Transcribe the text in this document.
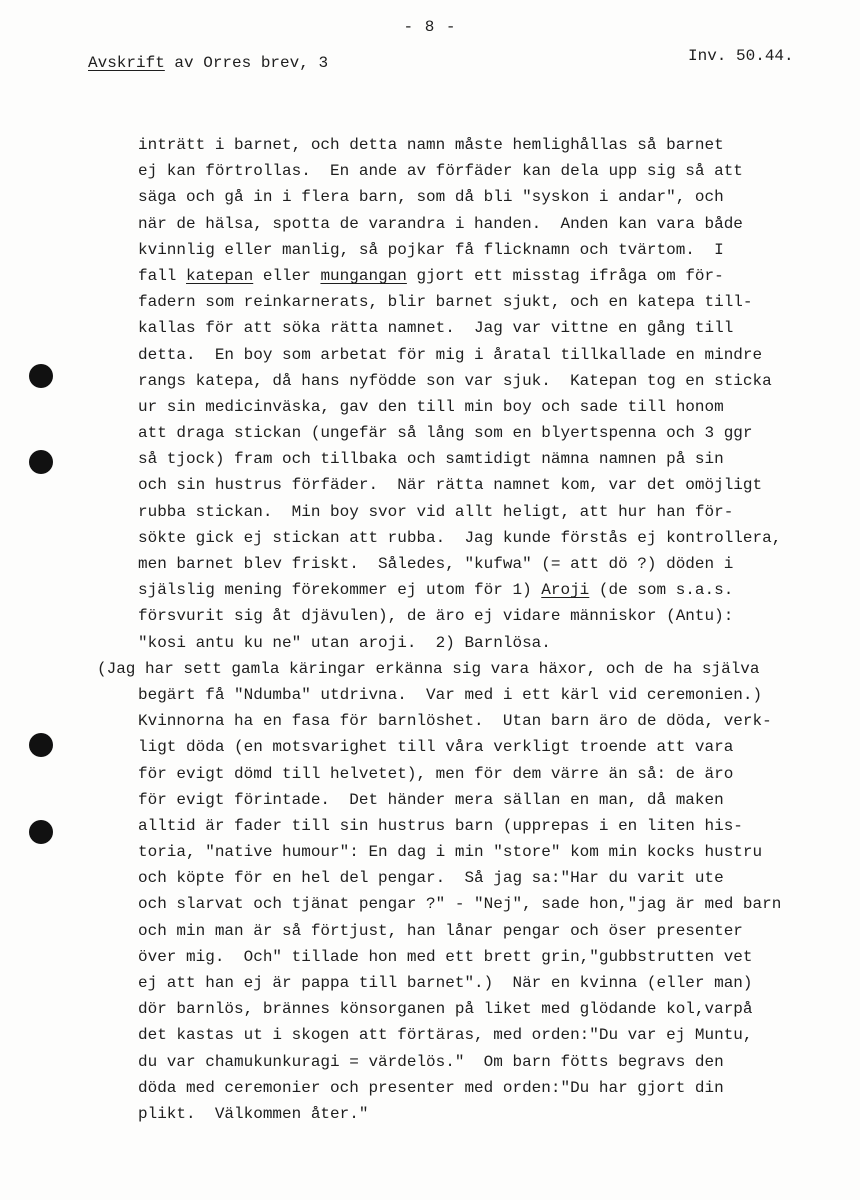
- 8 -
Avskrift av Orres brev, 3	Inv. 50.44.
inträtt i barnet, och detta namn måste hemlighållas så barnet
ej kan förtrollas.  En ande av förfäder kan dela upp sig så att
säga och gå in i flera barn, som då bli "syskon i andar", och
när de hälsa, spotta de varandra i handen.  Anden kan vara både
kvinnlig eller manlig, så pojkar få flicknamn och tvärtom.  I
fall katepan eller mungangan gjort ett misstag ifråga om för-
fadern som reinkarnerats, blir barnet sjukt, och en katepa till-
kallas för att söka rätta namnet.  Jag var vittne en gång till
detta.  En boy som arbetat för mig i åratal tillkallade en mindre
rangs katepa, då hans nyfödde son var sjuk.  Katepan tog en sticka
ur sin medicinväska, gav den till min boy och sade till honom
att draga stickan (ungefär så lång som en blyertspenna och 3 ggr
så tjock) fram och tillbaka och samtidigt nämna namnen på sin
och sin hustrus förfäder.  När rätta namnet kom, var det omöjligt
rubba stickan.  Min boy svor vid allt heligt, att hur han för-
sökte gick ej stickan att rubba.  Jag kunde förstås ej kontrollera,
men barnet blev friskt.  Således, "kufwa" (= att dö ?) döden i
själslig mening förekommer ej utom för 1) Aroji (de som s.a.s.
försvurit sig åt djävulen), de äro ej vidare människor (Antu):
"kosi antu ku ne" utan aroji.  2) Barnlösa.
(Jag har sett gamla käringar erkänna sig vara häxor, och de ha själva
begärt få "Ndumba" utdrivna.  Var med i ett kärl vid ceremonien.)
Kvinnorna ha en fasa för barnlöshet.  Utan barn äro de döda, verk-
ligt döda (en motsvarighet till våra verkligt troende att vara
för evigt dömd till helvetet), men för dem värre än så: de äro
för evigt förintade.  Det händer mera sällan en man, då maken
alltid är fader till sin hustrus barn (upprepas i en liten his-
toria, "native humour": En dag i min "store" kom min kocks hustru
och köpte för en hel del pengar.  Så jag sa:"Har du varit ute
och slarvat och tjänat pengar ?" - "Nej", sade hon,"jag är med barn
och min man är så förtjust, han lånar pengar och öser presenter
över mig.  Och" tillade hon med ett brett grin,"gubbstrutten vet
ej att han ej är pappa till barnet".)  När en kvinna (eller man)
dör barnlös, brännes könsorganen på liket med glödande kol,varpå
det kastas ut i skogen att förtäras, med orden:"Du var ej Muntu,
du var chamukunkuragi = värdelös."  Om barn fötts begravs den
döda med ceremonier och presenter med orden:"Du har gjort din
plikt.  Välkommen åter."
